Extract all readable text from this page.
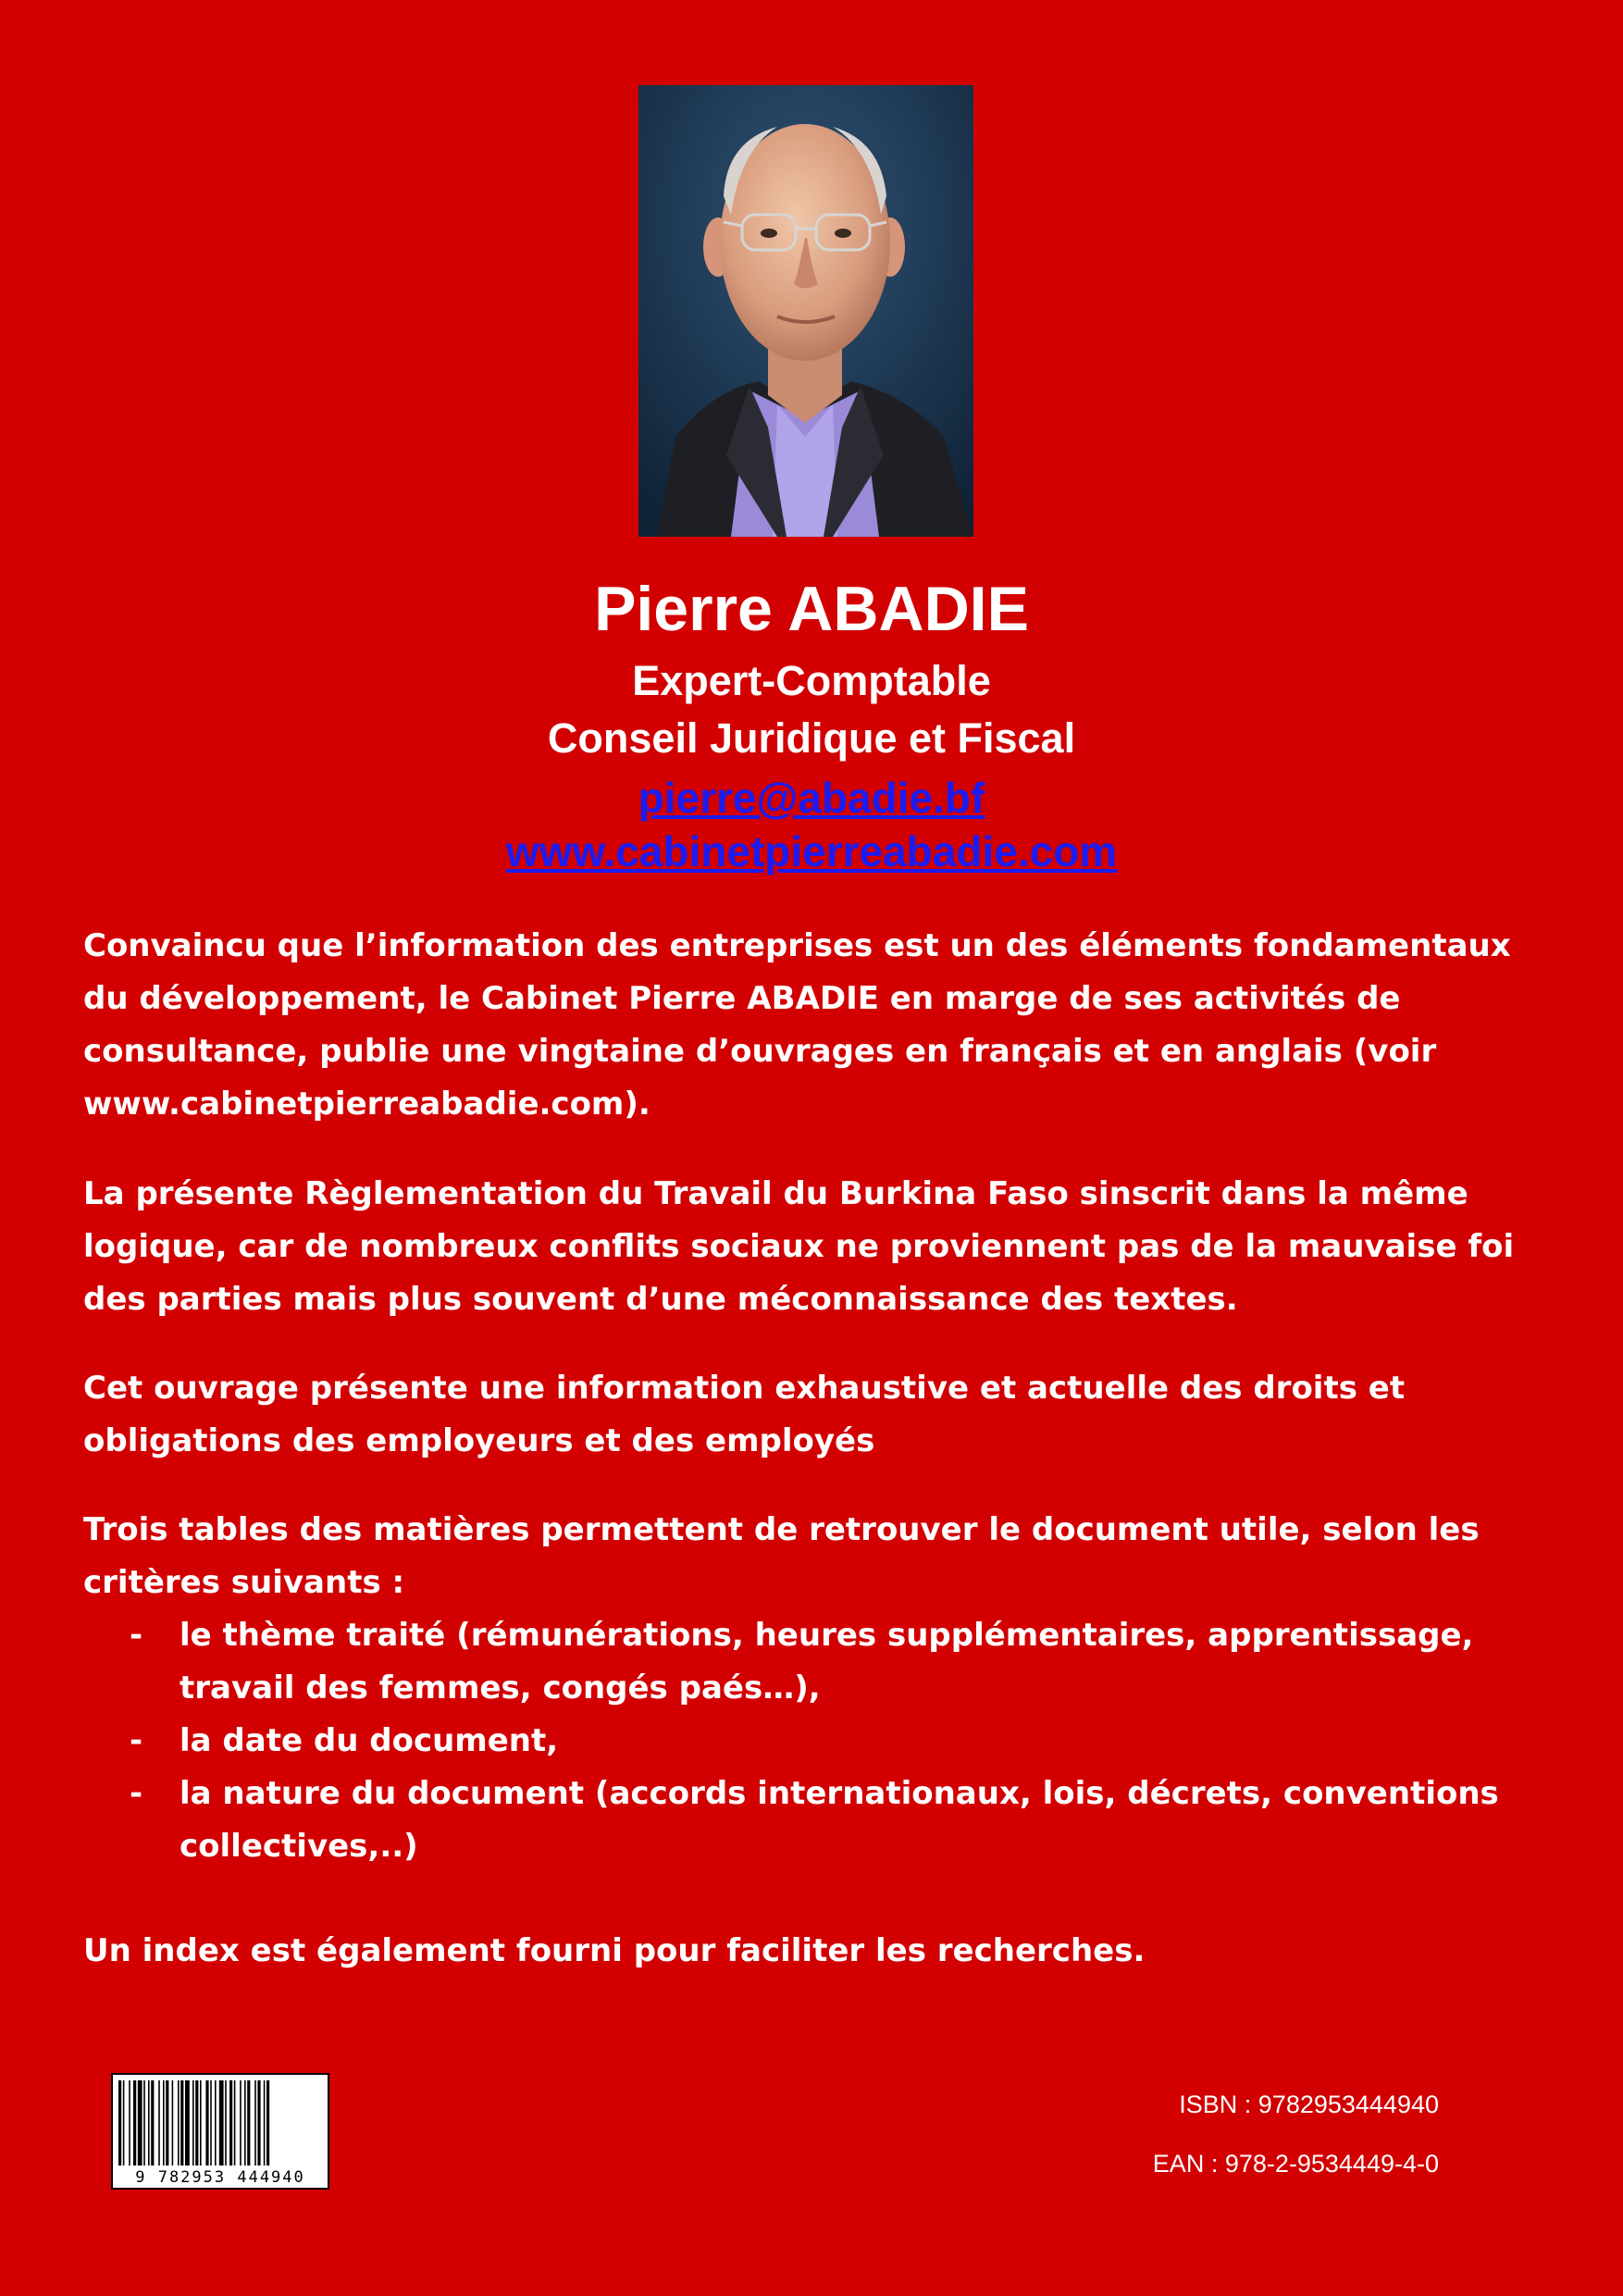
Pierre ABADIE
Expert-Comptable
Conseil Juridique et Fiscal
pierre@abadie.bf
www.cabinetpierreabadie.com
Convaincu que l’information des entreprises est un des éléments fondamentaux du développement, le Cabinet Pierre ABADIE en marge de ses activités de consultance, publie une vingtaine d’ouvrages en français et en anglais (voir www.cabinetpierreabadie.com).
La présente Règlementation du Travail du Burkina Faso sinscrit dans la même logique, car de nombreux conflits sociaux ne proviennent pas de la mauvaise foi des parties mais plus souvent d’une méconnaissance des textes.
Cet ouvrage présente une information exhaustive et actuelle des droits et obligations des employeurs et des employés
Trois tables des matières permettent de retrouver le document utile, selon les critères suivants :
- le thème traité (rémunérations, heures supplémentaires, apprentissage, travail des femmes, congés paés…),
- la date du document,
- la nature du document (accords internationaux, lois, décrets, conventions collectives,..)
Un index est également fourni pour faciliter les recherches.
9 782953 444940
ISBN : 9782953444940
EAN : 978-2-9534449-4-0
